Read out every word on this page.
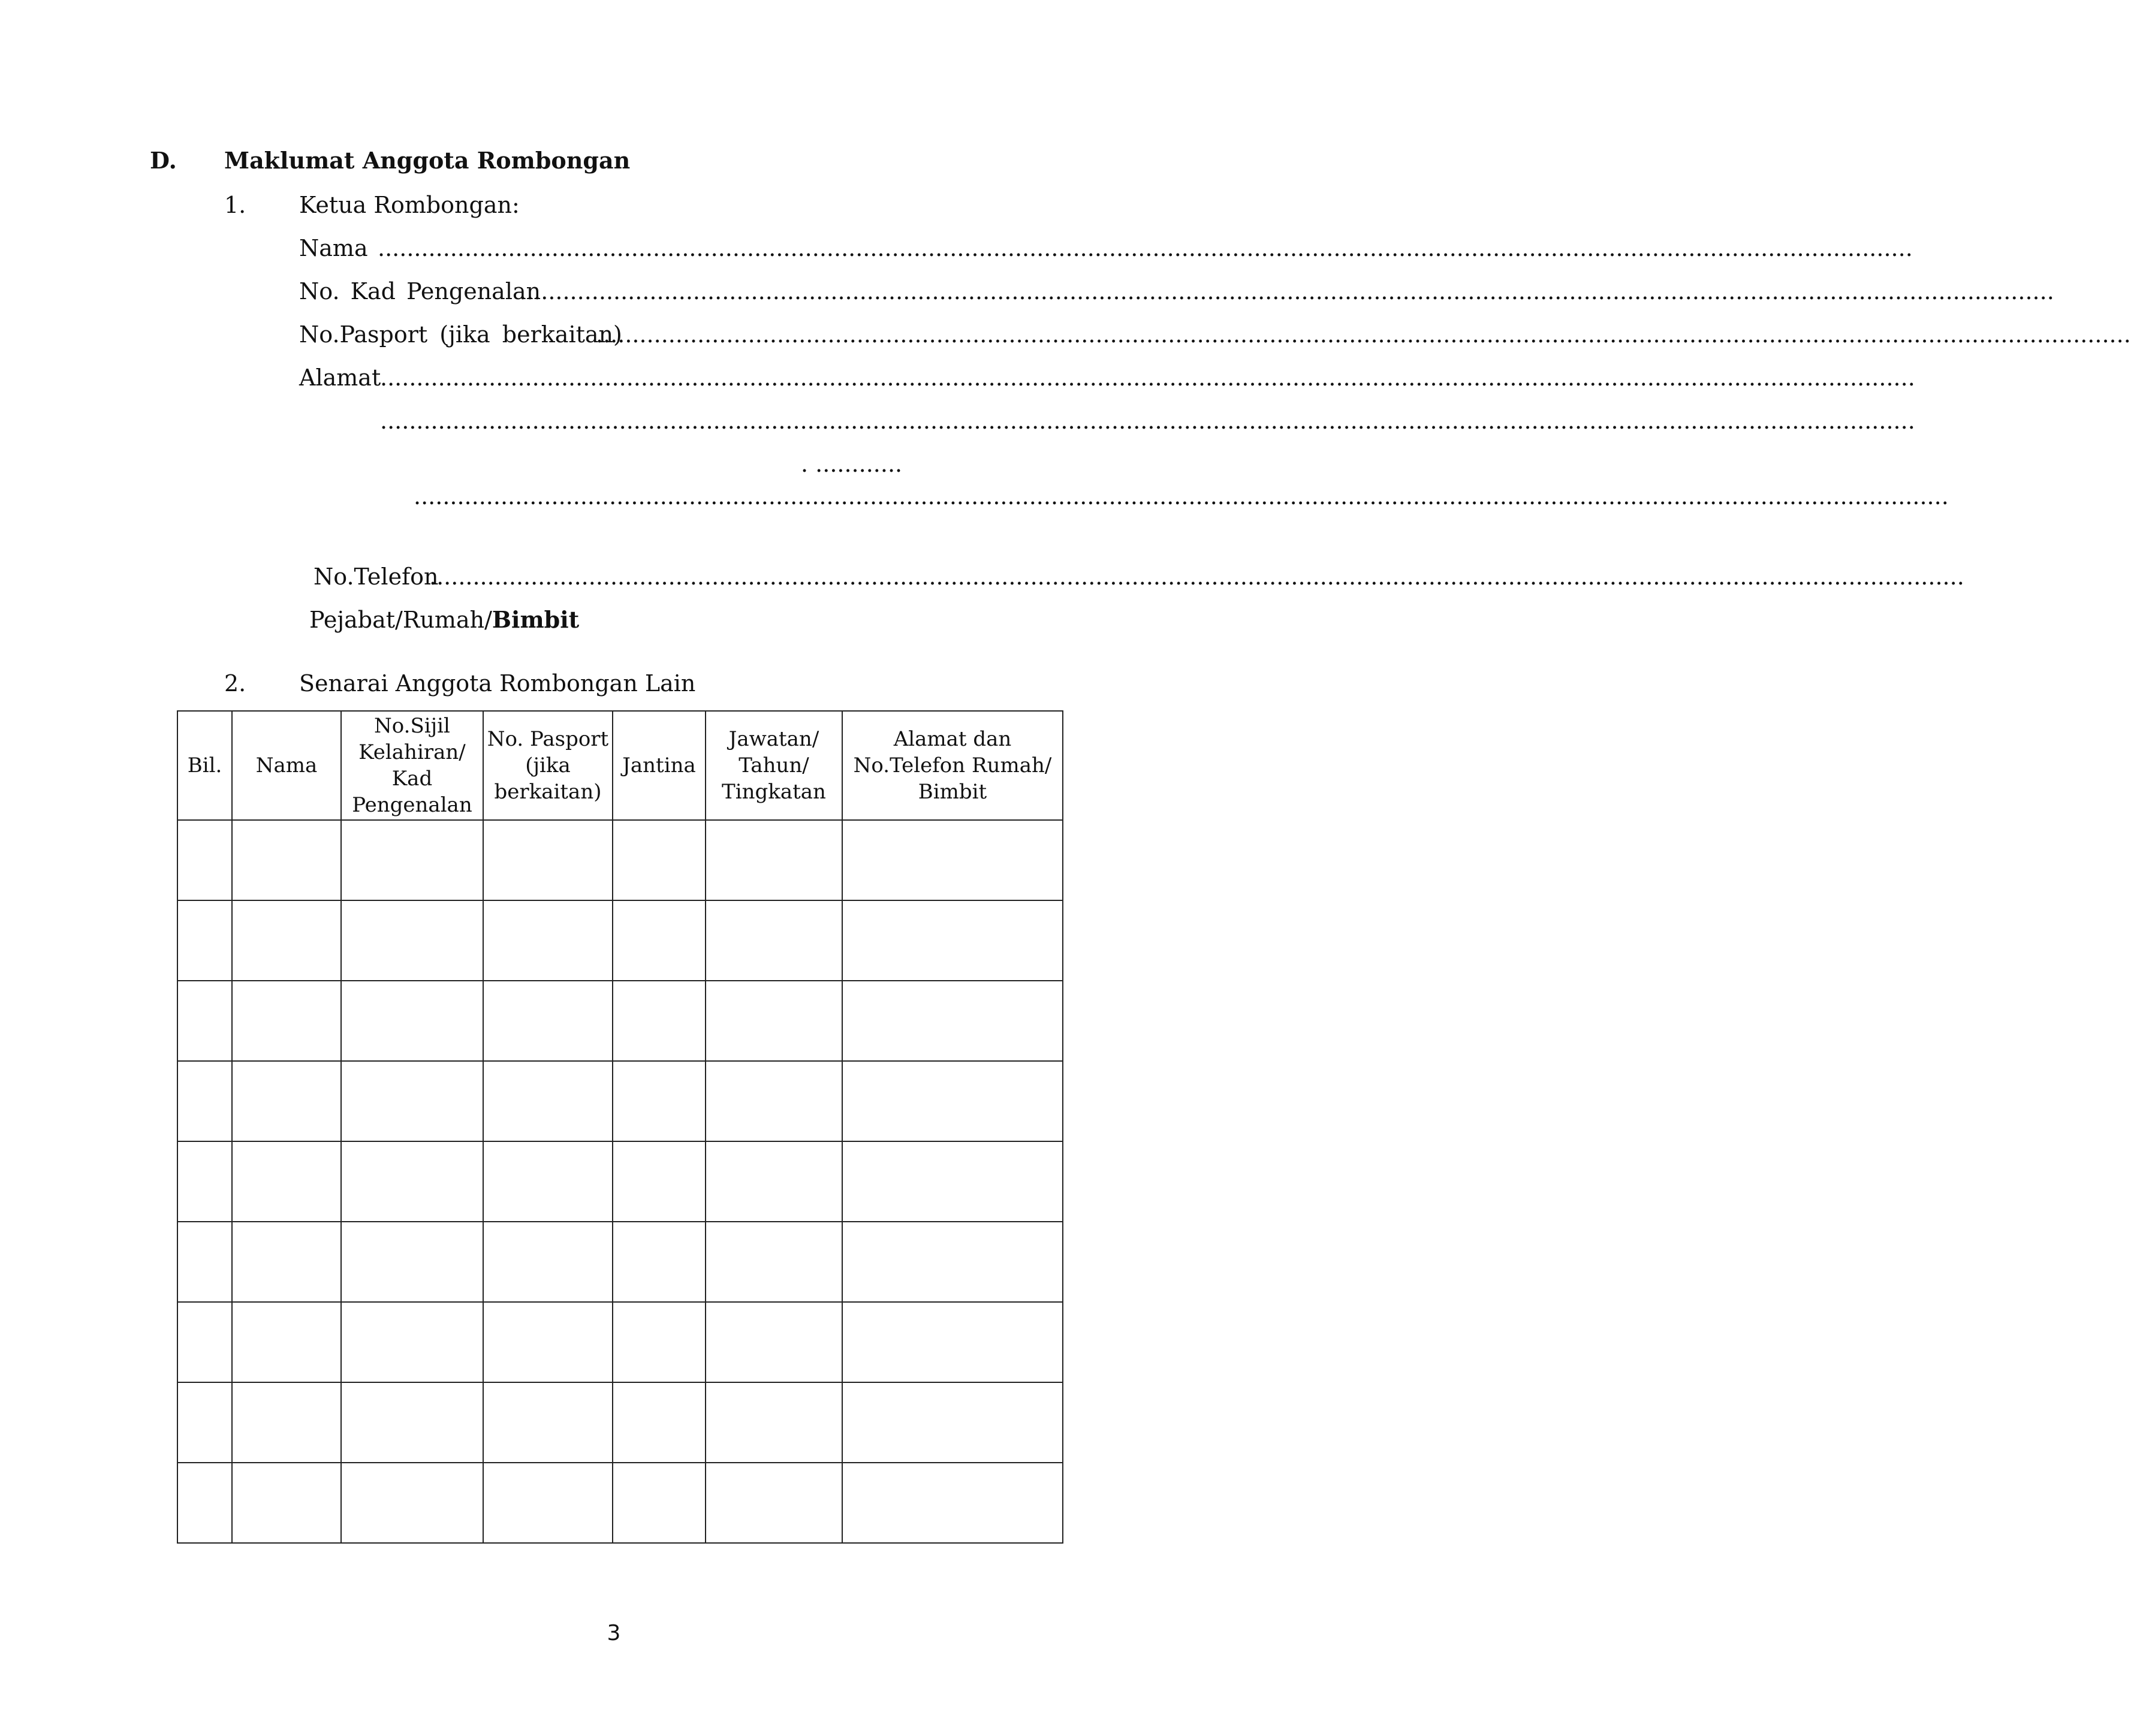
D. Maklumat Anggota Rombongan
1. Ketua Rombongan:
Nama ....................................................................................................................................................................................................................
No. Kad Pengenalan
....................................................................................................................................................................................................................
No.Pasport (jika berkaitan)
....................................................................................................................................................................................................................
Alamat
....................................................................................................................................................................................................................
....................................................................................................................................................................................................................
. ............
....................................................................................................................................................................................................................
No.Telefon
....................................................................................................................................................................................................................
Pejabat/Rumah/Bimbit
2. Senarai Anggota Rombongan Lain
Bil.	Nama	No.Sijil Kelahiran/ Kad Pengenalan	No. Pasport (jika berkaitan)	Jantina	Jawatan/ Tahun/ Tingkatan	Alamat dan No.Telefon Rumah/ Bimbit

3
